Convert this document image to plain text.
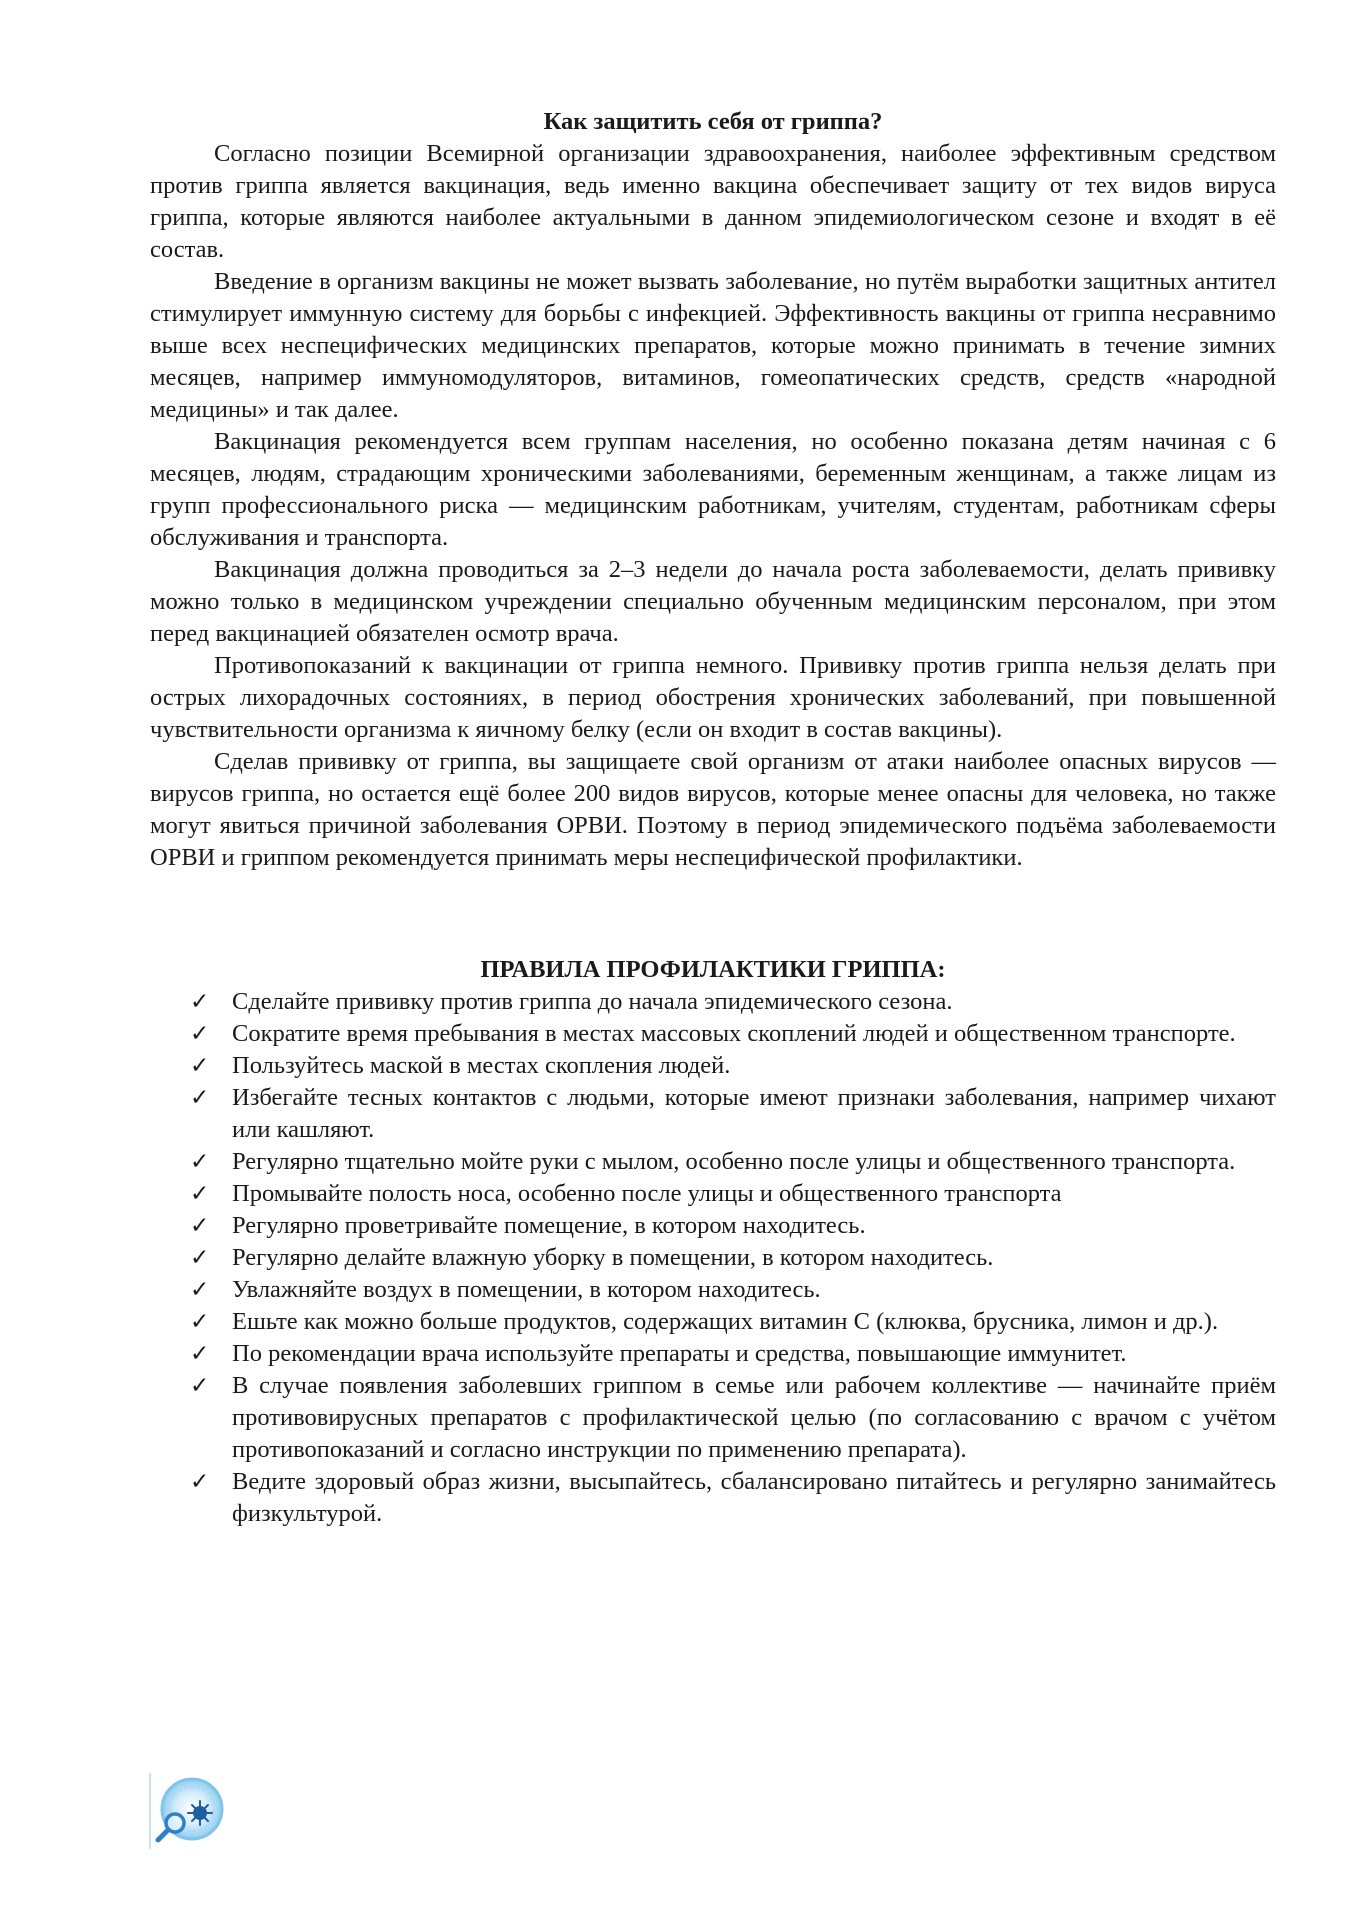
Как защитить себя от гриппа?

Согласно позиции Всемирной организации здравоохранения, наиболее эффективным средством против гриппа является вакцинация, ведь именно вакцина обеспечивает защиту от тех видов вируса гриппа, которые являются наиболее актуальными в данном эпидемиологическом сезоне и входят в её состав.

Введение в организм вакцины не может вызвать заболевание, но путём выработки защитных антител стимулирует иммунную систему для борьбы с инфекцией. Эффективность вакцины от гриппа несравнимо выше всех неспецифических медицинских препаратов, которые можно принимать в течение зимних месяцев, например иммуномодуляторов, витаминов, гомеопатических средств, средств «народной медицины» и так далее.

Вакцинация рекомендуется всем группам населения, но особенно показана детям начиная с 6 месяцев, людям, страдающим хроническими заболеваниями, беременным женщинам, а также лицам из групп профессионального риска — медицинским работникам, учителям, студентам, работникам сферы обслуживания и транспорта.

Вакцинация должна проводиться за 2–3 недели до начала роста заболеваемости, делать прививку можно только в медицинском учреждении специально обученным медицинским персоналом, при этом перед вакцинацией обязателен осмотр врача.

Противопоказаний к вакцинации от гриппа немного. Прививку против гриппа нельзя делать при острых лихорадочных состояниях, в период обострения хронических заболеваний, при повышенной чувствительности организма к яичному белку (если он входит в состав вакцины).

Сделав прививку от гриппа, вы защищаете свой организм от атаки наиболее опасных вирусов — вирусов гриппа, но остается ещё более 200 видов вирусов, которые менее опасны для человека, но также могут явиться причиной заболевания ОРВИ. Поэтому в период эпидемического подъёма заболеваемости ОРВИ и гриппом рекомендуется принимать меры неспецифической профилактики.

ПРАВИЛА ПРОФИЛАКТИКИ ГРИППА:
✓ Сделайте прививку против гриппа до начала эпидемического сезона.
✓ Сократите время пребывания в местах массовых скоплений людей и общественном транспорте.
✓ Пользуйтесь маской в местах скопления людей.
✓ Избегайте тесных контактов с людьми, которые имеют признаки заболевания, например чихают или кашляют.
✓ Регулярно тщательно мойте руки с мылом, особенно после улицы и общественного транспорта.
✓ Промывайте полость носа, особенно после улицы и общественного транспорта
✓ Регулярно проветривайте помещение, в котором находитесь.
✓ Регулярно делайте влажную уборку в помещении, в котором находитесь.
✓ Увлажняйте воздух в помещении, в котором находитесь.
✓ Ешьте как можно больше продуктов, содержащих витамин С (клюква, брусника, лимон и др.).
✓ По рекомендации врача используйте препараты и средства, повышающие иммунитет.
✓ В случае появления заболевших гриппом в семье или рабочем коллективе — начинайте приём противовирусных препаратов с профилактической целью (по согласованию с врачом с учётом противопоказаний и согласно инструкции по применению препарата).
✓ Ведите здоровый образ жизни, высыпайтесь, сбалансировано питайтесь и регулярно занимайтесь физкультурой.
